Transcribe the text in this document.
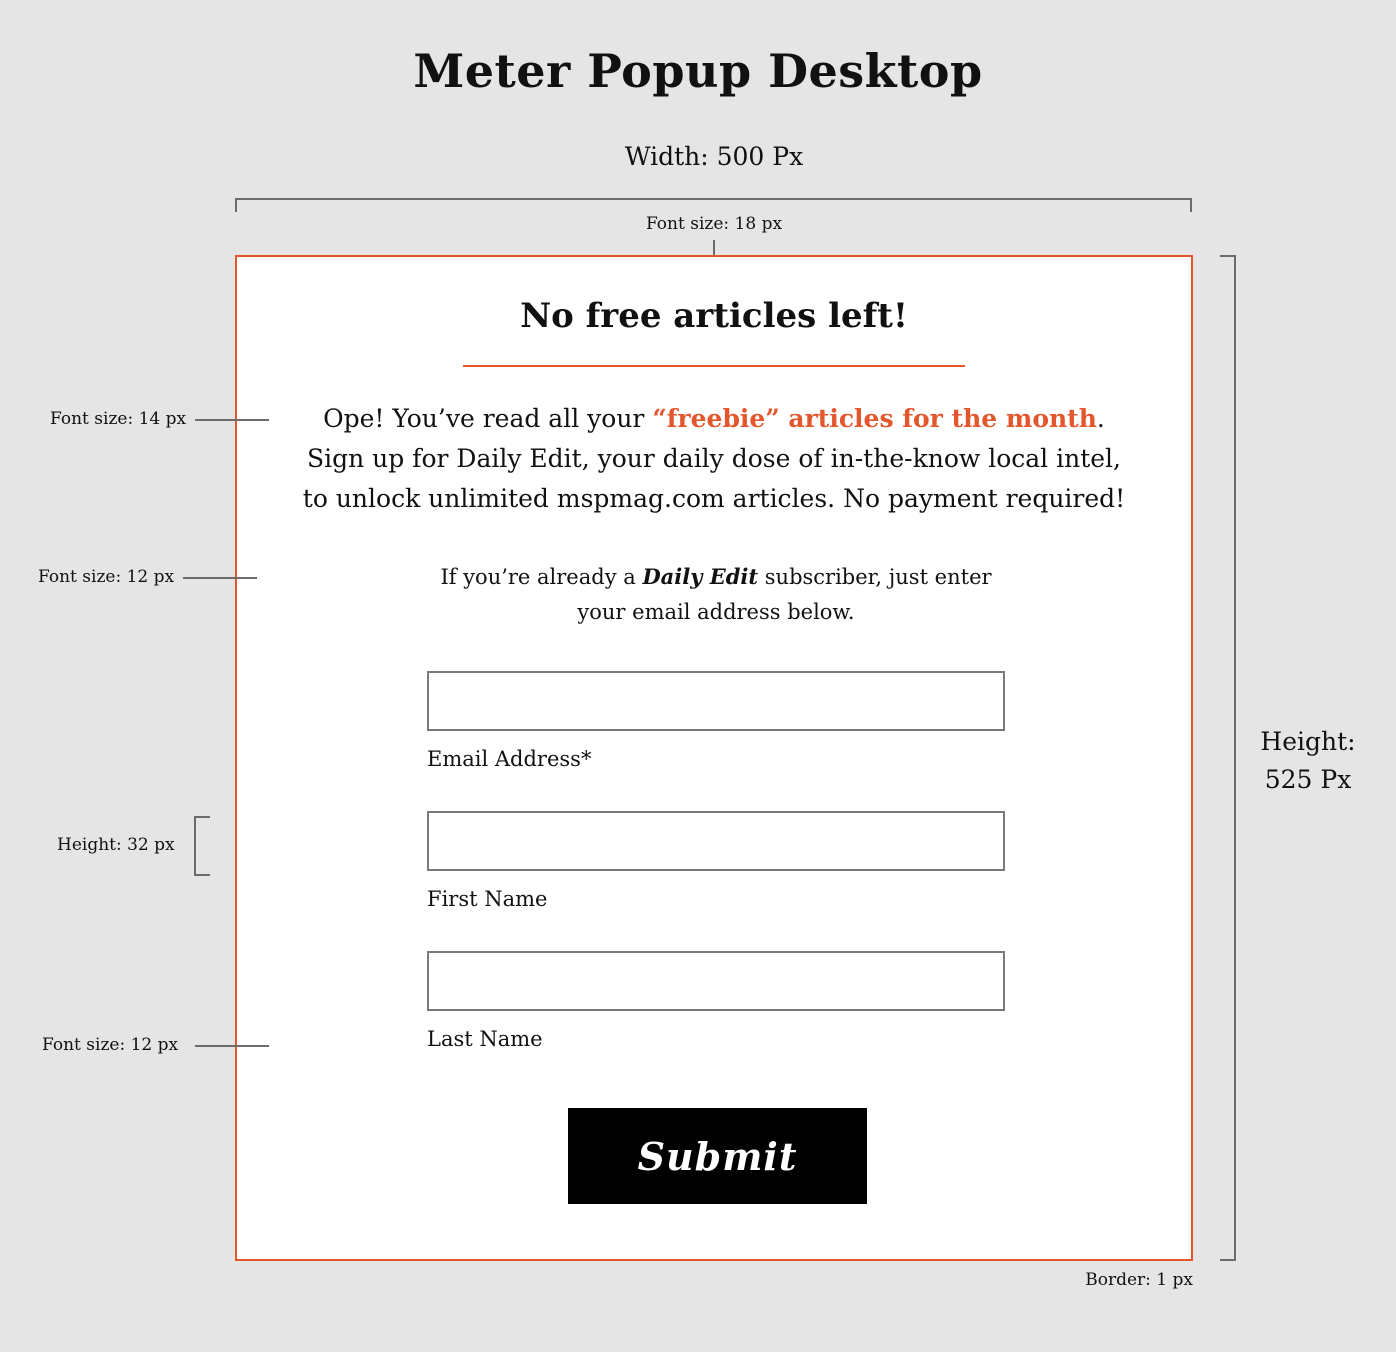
Meter Popup Desktop
Width: 500 Px
Font size: 18 px
No free articles left!
Ope! You’ve read all your “freebie” articles for the month. Sign up for Daily Edit, your daily dose of in-the-know local intel, to unlock unlimited mspmag.com articles. No payment required!
If you’re already a Daily Edit subscriber, just enter your email address below.
Email Address*
First Name
Last Name
Submit
Height:
525 Px
Border: 1 px
Font size: 14 px
Font size: 12 px
Height: 32 px
Font size: 12 px
